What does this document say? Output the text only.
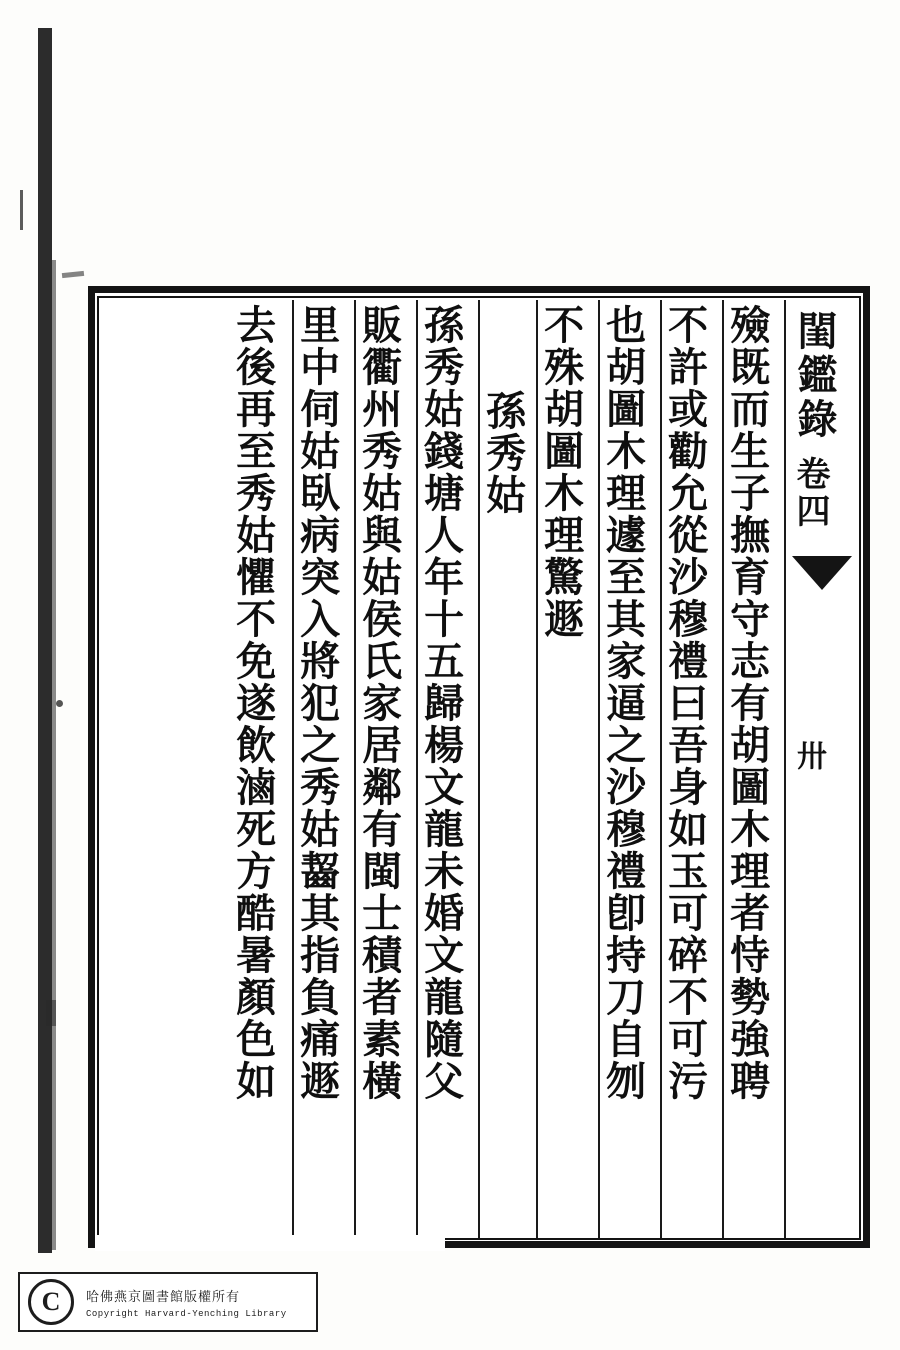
閨鑑錄
卷四
卅
殮既而生子撫育守志有胡圖木理者恃勢強聘
不許或勸允從沙穆禮曰吾身如玉可碎不可污
也胡圖木理遽至其家逼之沙穆禮卽持刀自刎
不殊胡圖木理驚遯
孫秀姑
孫秀姑錢塘人年十五歸楊文龍未婚文龍隨父
販衢州秀姑與姑侯氏家居鄰有閩士積者素橫
里中伺姑臥病突入將犯之秀姑齧其指負痛遯
去後再至秀姑懼不免遂飲滷死方酷暑顏色如
C	哈佛燕京圖書館版權所有
Copyright Harvard-Yenching Library
